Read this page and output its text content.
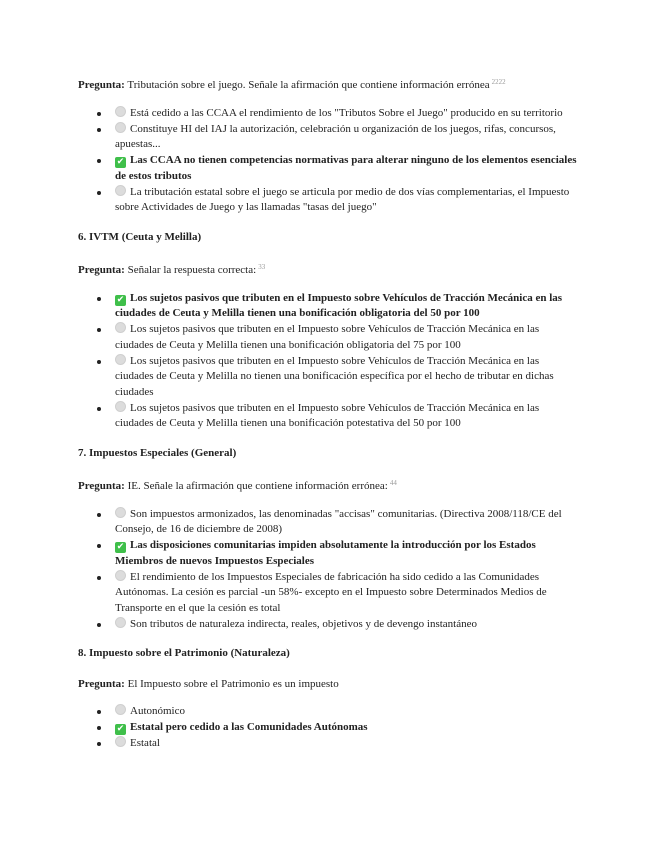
Pregunta: Tributación sobre el juego. Señale la afirmación que contiene información errónea $^{2222}$

Está cedido a las CCAA el rendimiento de los "Tributos Sobre el Juego" producido en su territorio
Constituye HI del IAJ la autorización, celebración u organización de los juegos, rifas, concursos, apuestas...
✔ Las CCAA no tienen competencias normativas para alterar ninguno de los elementos esenciales de estos tributos
La tributación estatal sobre el juego se articula por medio de dos vías complementarias, el Impuesto sobre Actividades de Juego y las llamadas "tasas del juego"
6. IVTM (Ceuta y Melilla)

Pregunta: Señalar la respuesta correcta: $^{33}$

✔ Los sujetos pasivos que tributen en el Impuesto sobre Vehículos de Tracción Mecánica en las ciudades de Ceuta y Melilla tienen una bonificación obligatoria del 50 por 100
Los sujetos pasivos que tributen en el Impuesto sobre Vehículos de Tracción Mecánica en las ciudades de Ceuta y Melilla tienen una bonificación obligatoria del 75 por 100
Los sujetos pasivos que tributen en el Impuesto sobre Vehículos de Tracción Mecánica en las ciudades de Ceuta y Melilla no tienen una bonificación específica por el hecho de tributar en dichas ciudades
Los sujetos pasivos que tributen en el Impuesto sobre Vehículos de Tracción Mecánica en las ciudades de Ceuta y Melilla tienen una bonificación potestativa del 50 por 100
7. Impuestos Especiales (General)

Pregunta: IE. Señale la afirmación que contiene información errónea: $^{44}$

Son impuestos armonizados, las denominadas "accisas" comunitarias. (Directiva 2008/118/CE del Consejo, de 16 de diciembre de 2008)
✔ Las disposiciones comunitarias impiden absolutamente la introducción por los Estados Miembros de nuevos Impuestos Especiales
El rendimiento de los Impuestos Especiales de fabricación ha sido cedido a las Comunidades Autónomas. La cesión es parcial -un 58%- excepto en el Impuesto sobre Determinados Medios de Transporte en el que la cesión es total
Son tributos de naturaleza indirecta, reales, objetivos y de devengo instantáneo
8. Impuesto sobre el Patrimonio (Naturaleza)

Pregunta: El Impuesto sobre el Patrimonio es un impuesto

Autonómico
✔ Estatal pero cedido a las Comunidades Autónomas
Estatal
